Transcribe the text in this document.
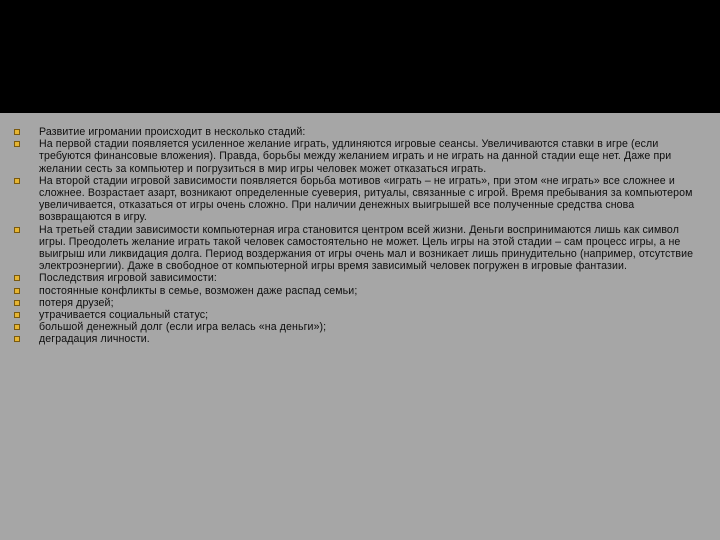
Развитие игромании происходит в несколько стадий:
На первой стадии появляется усиленное желание играть, удлиняются игровые сеансы. Увеличиваются ставки в игре (если требуются финансовые вложения). Правда, борьбы между желанием играть и не играть на данной стадии еще нет. Даже при желании сесть за компьютер и погрузиться в мир игры человек может отказаться играть.
На второй стадии игровой зависимости появляется борьба мотивов «играть – не играть», при этом «не играть» все сложнее и сложнее. Возрастает азарт, возникают определенные суеверия, ритуалы, связанные с игрой. Время пребывания за компьютером увеличивается, отказаться от игры очень сложно. При наличии денежных выигрышей все полученные средства снова возвращаются в игру.
На третьей стадии зависимости компьютерная игра становится центром всей жизни. Деньги воспринимаются лишь как символ игры. Преодолеть желание играть такой человек самостоятельно не может. Цель игры на этой стадии – сам процесс игры, а не выигрыш или ликвидация долга. Период воздержания от игры очень мал и возникает лишь принудительно (например, отсутствие электроэнергии). Даже в свободное от компьютерной игры время зависимый человек погружен в игровые фантазии.
Последствия игровой зависимости:
постоянные конфликты в семье, возможен даже распад семьи;
потеря друзей;
утрачивается социальный статус;
большой денежный долг (если игра велась «на деньги»);
деградация личности.
